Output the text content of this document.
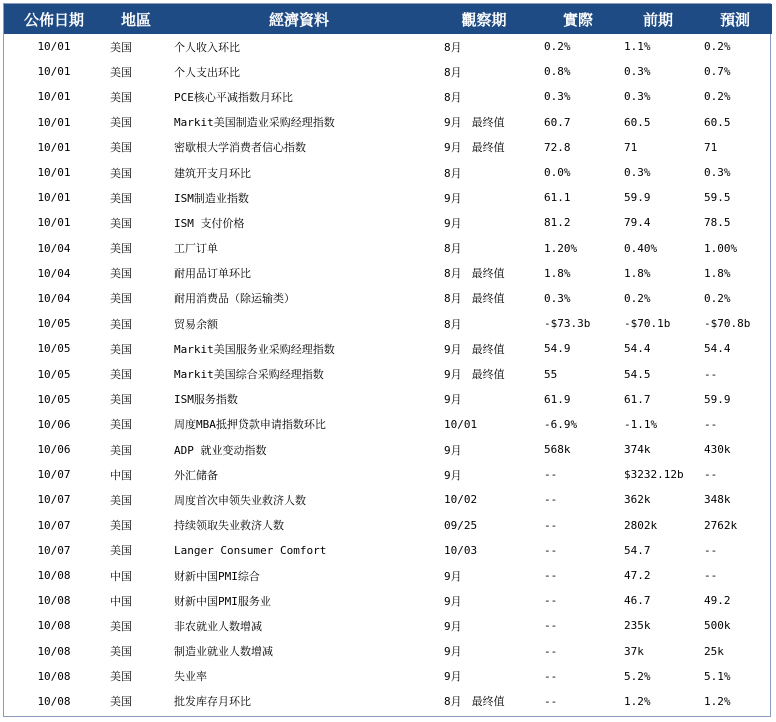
公佈日期	地區	經濟資料	觀察期	實際	前期	預測
10/01	美国	个人收入环比	8月	0.2%	1.1%	0.2%
10/01	美国	个人支出环比	8月	0.8%	0.3%	0.7%
10/01	美国	PCE核心平减指数月环比	8月	0.3%	0.3%	0.2%
10/01	美国	Markit美国制造业采购经理指数	9月 最终值	60.7	60.5	60.5
10/01	美国	密歇根大学消费者信心指数	9月 最终值	72.8	71	71
10/01	美国	建筑开支月环比	8月	0.0%	0.3%	0.3%
10/01	美国	ISM制造业指数	9月	61.1	59.9	59.5
10/01	美国	ISM 支付价格	9月	81.2	79.4	78.5
10/04	美国	工厂订单	8月	1.20%	0.40%	1.00%
10/04	美国	耐用品订单环比	8月 最终值	1.8%	1.8%	1.8%
10/04	美国	耐用消费品（除运输类）	8月 最终值	0.3%	0.2%	0.2%
10/05	美国	贸易余额	8月	-$73.3b	-$70.1b	-$70.8b
10/05	美国	Markit美国服务业采购经理指数	9月 最终值	54.9	54.4	54.4
10/05	美国	Markit美国综合采购经理指数	9月 最终值	55	54.5	--
10/05	美国	ISM服务指数	9月	61.9	61.7	59.9
10/06	美国	周度MBA抵押贷款申请指数环比	10/01	-6.9%	-1.1%	--
10/06	美国	ADP 就业变动指数	9月	568k	374k	430k
10/07	中国	外汇储备	9月	--	$3232.12b	--
10/07	美国	周度首次申领失业救济人数	10/02	--	362k	348k
10/07	美国	持续领取失业救济人数	09/25	--	2802k	2762k
10/07	美国	Langer Consumer Comfort	10/03	--	54.7	--
10/08	中国	财新中国PMI综合	9月	--	47.2	--
10/08	中国	财新中国PMI服务业	9月	--	46.7	49.2
10/08	美国	非农就业人数增减	9月	--	235k	500k
10/08	美国	制造业就业人数增减	9月	--	37k	25k
10/08	美国	失业率	9月	--	5.2%	5.1%
10/08	美国	批发库存月环比	8月 最终值	--	1.2%	1.2%
